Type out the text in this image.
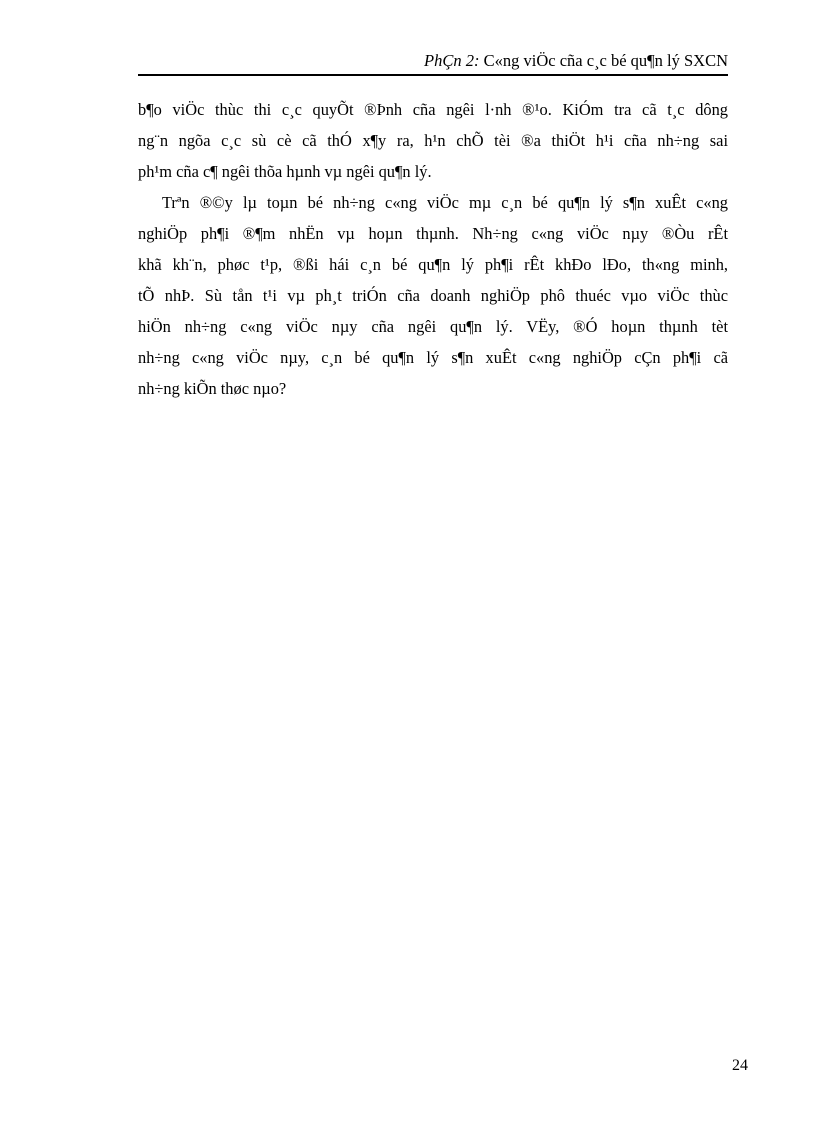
PhÇn 2: C«ng viÖc cña c¸c bé qu¶n lý SXCN
b¶o viÖc thùc thi c¸c quyÕt ®Þnh cña ngêi l·nh ®¹o. KiÓm tra cã t¸c dông
ng¨n ngõa c¸c sù cè cã thÓ x¶y ra, h¹n chÕ tèi ®a thiÖt h¹i cña nh÷ng sai
ph¹m cña c¶ ngêi thõa hµnh vµ ngêi qu¶n lý.
Trªn ®©y lµ toµn bé nh÷ng c«ng viÖc mµ c¸n bé qu¶n lý s¶n xuÊt c«ng
nghiÖp ph¶i ®¶m nhËn vµ hoµn thµnh. Nh÷ng c«ng viÖc nµy ®Òu rÊt
khã kh¨n, phøc t¹p, ®ßi hái c¸n bé qu¶n lý ph¶i rÊt khÐo lÐo, th«ng minh,
tÕ nhÞ. Sù tån t¹i vµ ph¸t triÓn cña doanh nghiÖp phô thuéc vµo viÖc thùc
hiÖn nh÷ng c«ng viÖc nµy cña ngêi qu¶n lý. VËy, ®Ó hoµn thµnh tèt
nh÷ng c«ng viÖc nµy, c¸n bé qu¶n lý s¶n xuÊt c«ng nghiÖp cÇn ph¶i cã
nh÷ng kiÕn thøc nµo?
24
